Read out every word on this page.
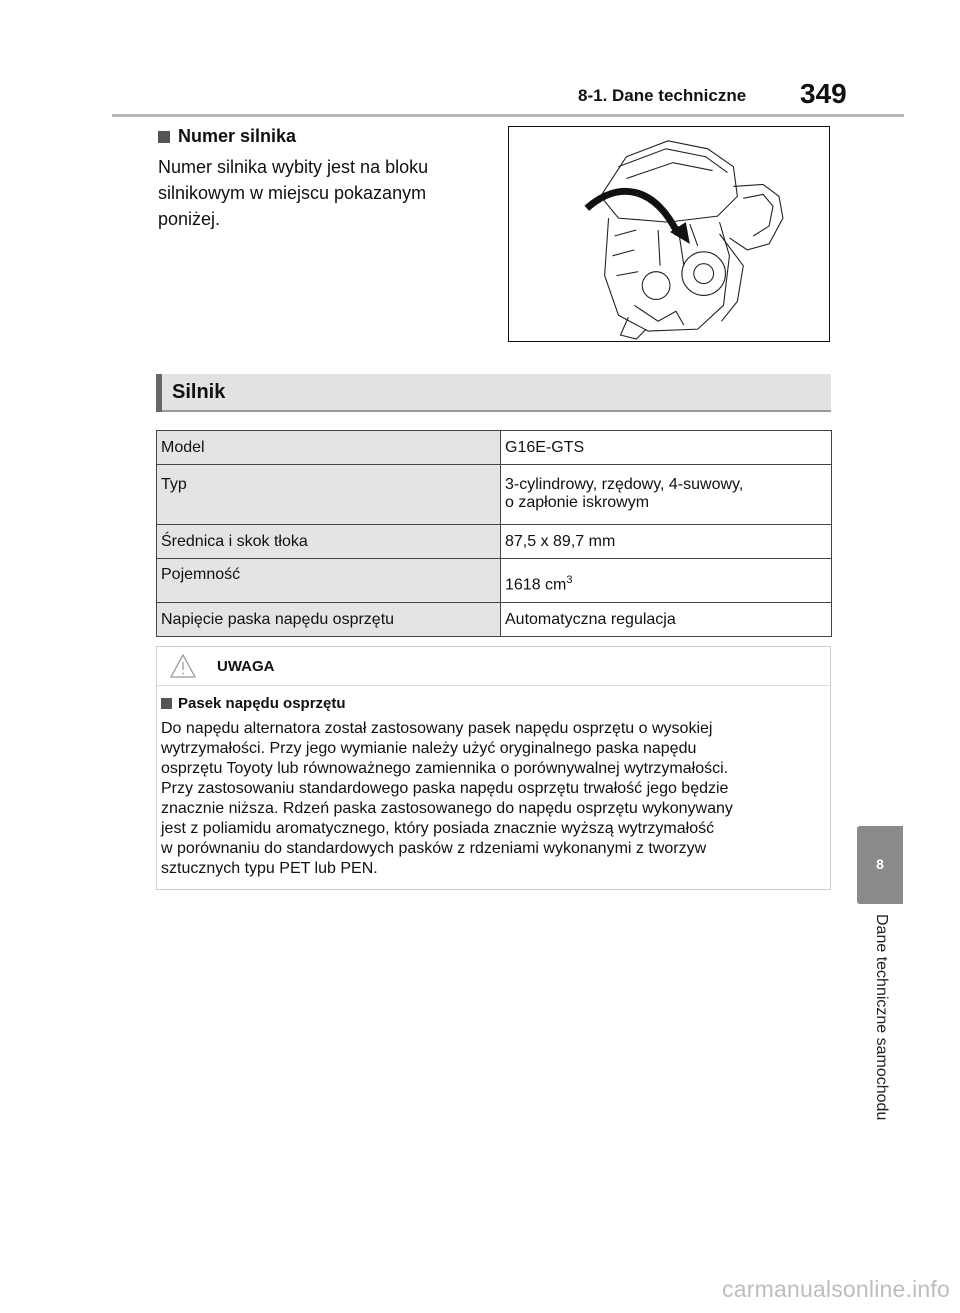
8-1. Dane techniczne 349
Numer silnika
Numer silnika wybity jest na bloku silnikowym w miejscu pokazanym poniżej.
Silnik
Model	G16E-GTS
Typ	3-cylindrowy, rzędowy, 4-suwowy,
o zapłonie iskrowym
Średnica i skok tłoka	87,5 x 89,7 mm
Pojemność	1618 $cm^3$
Napięcie paska napędu osprzętu	Automatyczna regulacja
UWAGA
Pasek napędu osprzętu
Do napędu alternatora został zastosowany pasek napędu osprzętu o wysokiej
wytrzymałości. Przy jego wymianie należy użyć oryginalnego paska napędu
osprzętu Toyoty lub równoważnego zamiennika o porównywalnej wytrzymałości.
Przy zastosowaniu standardowego paska napędu osprzętu trwałość jego będzie
znacznie niższa. Rdzeń paska zastosowanego do napędu osprzętu wykonywany
jest z poliamidu aromatycznego, który posiada znacznie wyższą wytrzymałość
w porównaniu do standardowych pasków z rdzeniami wykonanymi z tworzyw
sztucznych typu PET lub PEN.	8
Dane techniczne samochodu
carmanualsonline.info
